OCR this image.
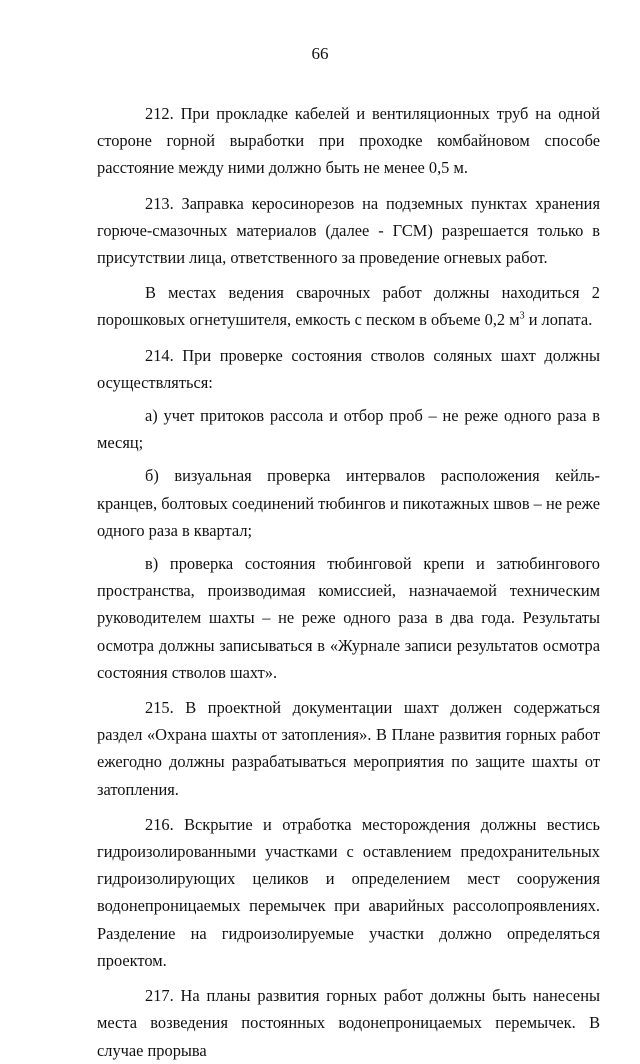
66

212. При прокладке кабелей и вентиляционных труб на одной стороне горной выработки при проходке комбайновом способе расстояние между ними должно быть не менее 0,5 м.

213. Заправка керосинорезов на подземных пунктах хранения горюче-смазочных материалов (далее - ГСМ) разрешается только в присутствии лица, ответственного за проведение огневых работ.

В местах ведения сварочных работ должны находиться 2 порошковых огнетушителя, емкость с песком в объеме 0,2 $м^3$ и лопата.

214. При проверке состояния стволов соляных шахт должны осуществляться:

а) учет притоков рассола и отбор проб – не реже одного раза в месяц;

б) визуальная проверка интервалов расположения кейль-кранцев, болтовых соединений тюбингов и пикотажных швов – не реже одного раза в квартал;

в) проверка состояния тюбинговой крепи и затюбингового пространства, производимая комиссией, назначаемой техническим руководителем шахты – не реже одного раза в два года. Результаты осмотра должны записываться в «Журнале записи результатов осмотра состояния стволов шахт».

215. В проектной документации шахт должен содержаться раздел «Охрана шахты от затопления». В Плане развития горных работ ежегодно должны разрабатываться мероприятия по защите шахты от затопления.

216. Вскрытие и отработка месторождения должны вестись гидроизолированными участками с оставлением предохранительных гидроизолирующих целиков и определением мест сооружения водонепроницаемых перемычек при аварийных рассолопроявлениях. Разделение на гидроизолируемые участки должно определяться проектом.

217. На планы развития горных работ должны быть нанесены места возведения постоянных водонепроницаемых перемычек. В случае прорыва
